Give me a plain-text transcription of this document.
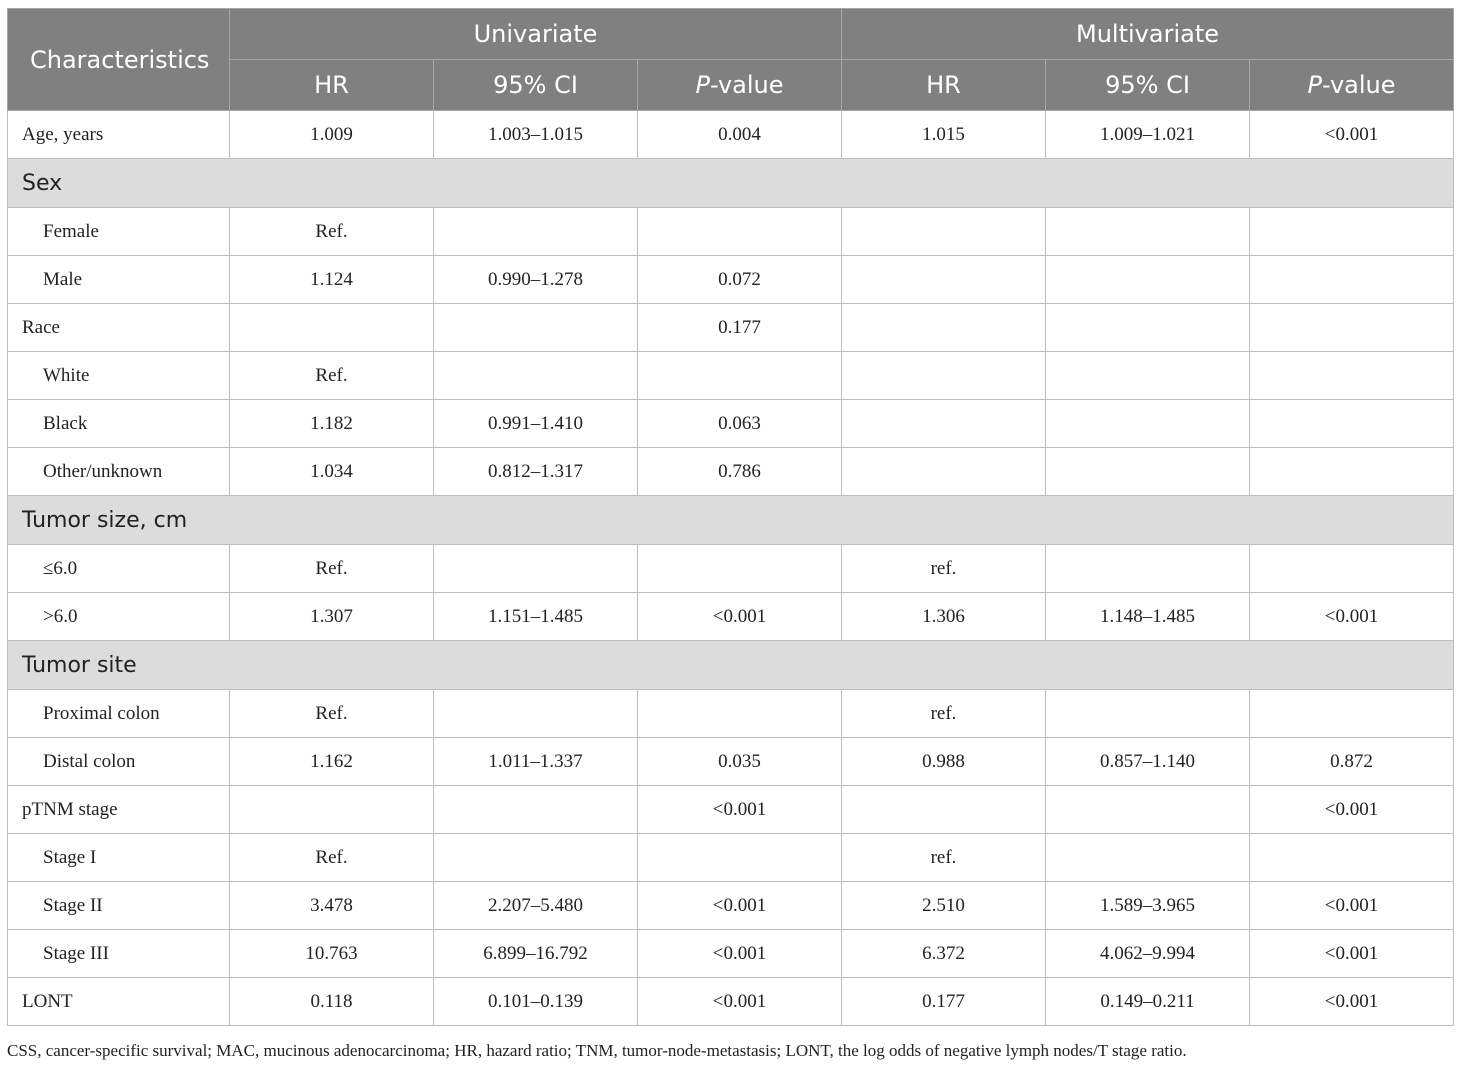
Characteristics	Univariate			Multivariate		
	HR	95% CI	P-value	HR	95% CI	P-value
Age, years	1.009	1.003–1.015	0.004	1.015	1.009–1.021	<0.001
Sex						
Female	Ref.					
Male	1.124	0.990–1.278	0.072			
Race			0.177			
White	Ref.					
Black	1.182	0.991–1.410	0.063			
Other/unknown	1.034	0.812–1.317	0.786			
Tumor size, cm						
≤6.0	Ref.			ref.		
>6.0	1.307	1.151–1.485	<0.001	1.306	1.148–1.485	<0.001
Tumor site						
Proximal colon	Ref.			ref.		
Distal colon	1.162	1.011–1.337	0.035	0.988	0.857–1.140	0.872
pTNM stage			<0.001			<0.001
Stage I	Ref.			ref.		
Stage II	3.478	2.207–5.480	<0.001	2.510	1.589–3.965	<0.001
Stage III	10.763	6.899–16.792	<0.001	6.372	4.062–9.994	<0.001
LONT	0.118	0.101–0.139	<0.001	0.177	0.149–0.211	<0.001
CSS, cancer-specific survival; MAC, mucinous adenocarcinoma; HR, hazard ratio; TNM, tumor-node-metastasis; LONT, the log odds of negative lymph nodes/T stage ratio.
